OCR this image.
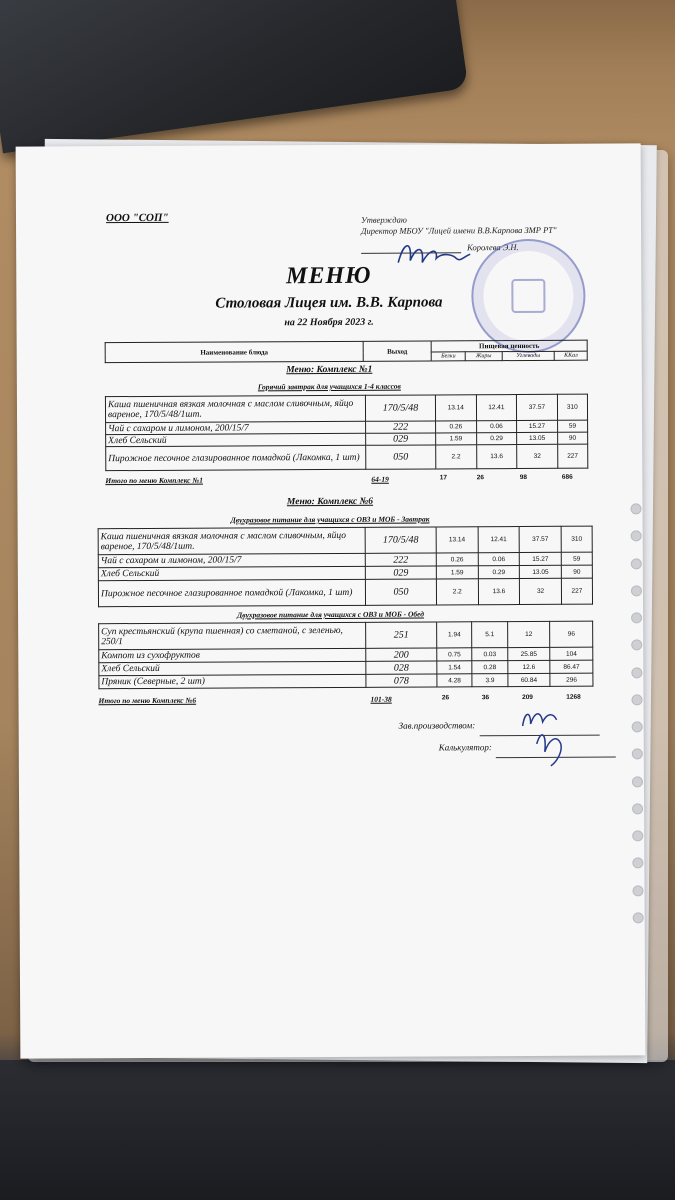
ООО "СОП"	Утверждаю
Директор МБОУ "Лицей имени В.В.Карпова ЗМР РТ"
Королева Э.Н.
МЕНЮ
Столовая Лицея им. В.В. Карпова
на 22 Ноября 2023 г.
Наименование блюда	Выход	Пищевая ценность			
		Белки	Жиры	Углеводы	ККал
Меню: Комплекс №1
Горячий завтрак для учащихся 1-4 классов
Каша пшеничная вязкая молочная с маслом сливочным, яйцо вареное, 170/5/48/1шт.	170/5/48	13.14	12.41	37.57	310
Чай с сахаром и лимоном, 200/15/7	222	0.26	0.06	15.27	59
Хлеб Сельский	029	1.59	0.29	13.05	90
Пирожное песочное глазированное помадкой (Лакомка, 1 шт)	050	2.2	13.6	32	227
Итого по меню Комплекс №1	64-19	17	26	98	686
Меню: Комплекс №6
Двухразовое питание для учащихся с ОВЗ и МОБ - Завтрак
Каша пшеничная вязкая молочная с маслом сливочным, яйцо вареное, 170/5/48/1шт.	170/5/48	13.14	12.41	37.57	310
Чай с сахаром и лимоном, 200/15/7	222	0.26	0.06	15.27	59
Хлеб Сельский	029	1.59	0.29	13.05	90
Пирожное песочное глазированное помадкой (Лакомка, 1 шт)	050	2.2	13.6	32	227
Двухразовое питание для учащихся с ОВЗ и МОБ - Обед
Суп крестьянский (крупа пшенная) со сметаной, с зеленью, 250/1	251	1.94	5.1	12	96
Компот из сухофруктов	200	0.75	0.03	25.85	104
Хлеб Сельский	028	1.54	0.28	12.6	86.47
Пряник (Северные, 2 шт)	078	4.28	3.9	60.84	296
Итого по меню Комплекс №6	101-38	26	36	209	1268
Зав.производством:
Калькулятор:
